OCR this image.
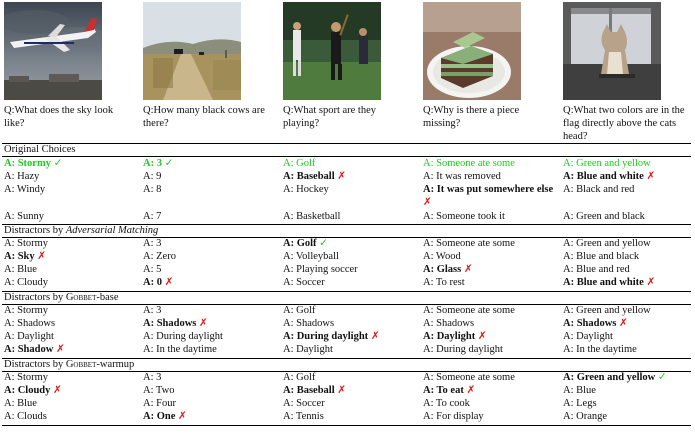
Q:What does the sky look like?
Q:How many black cows are there?
Q:What sport are they playing?
Q:Why is there a piece missing?
Q:What two colors are in the flag directly above the cats head?
Original Choices
A: Stormy ✓
A: Hazy
A: Windy
A: Sunny
A: 3 ✓
A: 9
A: 8
A: 7
A: Golf
A: Baseball ✗
A: Hockey
A: Basketball
A: Someone ate some
A: It was removed
A: It was put somewhere else ✗
A: Someone took it
A: Green and yellow
A: Blue and white ✗
A: Black and red
A: Green and black
Distractors by Adversarial Matching
A: Stormy
A: Sky ✗
A: Blue
A: Cloudy
A: 3
A: Zero
A: 5
A: 0 ✗
A: Golf ✓
A: Volleyball
A: Playing soccer
A: Soccer
A: Someone ate some
A: Wood
A: Glass ✗
A: To rest
A: Green and yellow
A: Blue and black
A: Blue and red
A: Blue and white ✗
Distractors by Gobbet-base
A: Stormy
A: Shadows
A: Daylight
A: Shadow ✗
A: 3
A: Shadows ✗
A: During daylight
A: In the daytime
A: Golf
A: Shadows
A: During daylight ✗
A: Daylight
A: Someone ate some
A: Shadows
A: Daylight ✗
A: During daylight
A: Green and yellow
A: Shadows ✗
A: Daylight
A: In the daytime
Distractors by Gobbet-warmup
A: Stormy
A: Cloudy ✗
A: Blue
A: Clouds
A: 3
A: Two
A: Four
A: One ✗
A: Golf
A: Baseball ✗
A: Soccer
A: Tennis
A: Someone ate some
A: To eat ✗
A: To cook
A: For display
A: Green and yellow ✓
A: Blue
A: Legs
A: Orange
